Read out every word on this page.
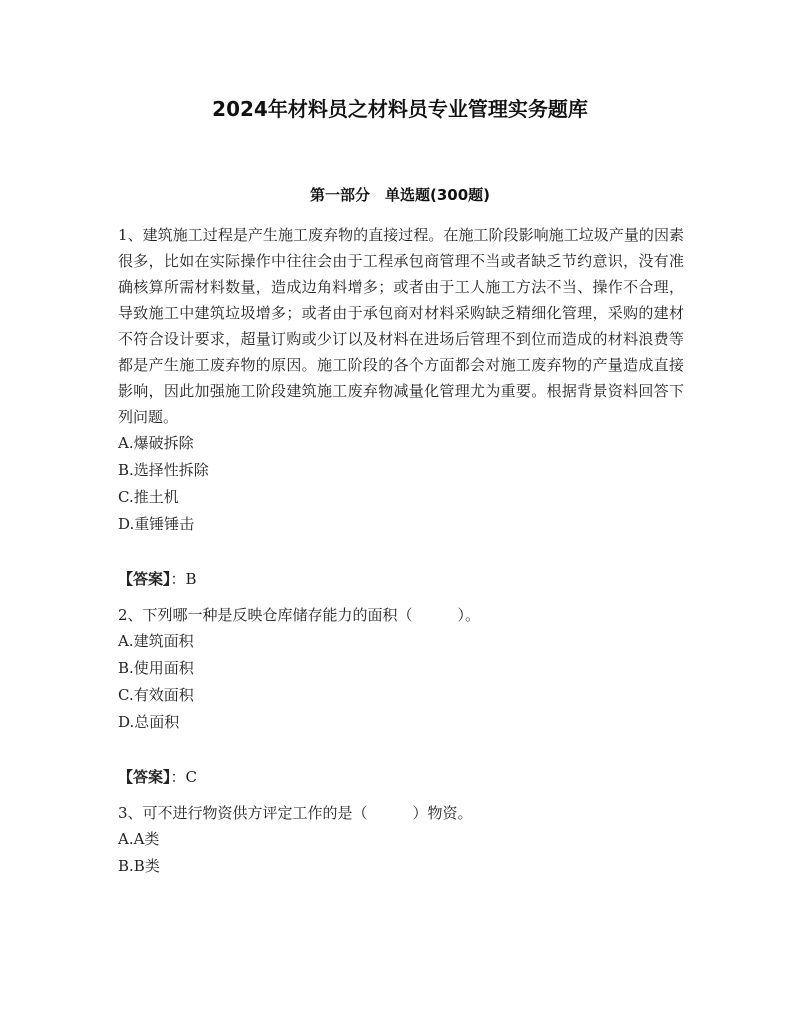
2024年材料员之材料员专业管理实务题库
第一部分　单选题(300题)

1、建筑施工过程是产生施工废弃物的直接过程。在施工阶段影响施工垃圾产量的因素很多，比如在实际操作中往往会由于工程承包商管理不当或者缺乏节约意识，没有准确核算所需材料数量，造成边角料增多；或者由于工人施工方法不当、操作不合理，导致施工中建筑垃圾增多；或者由于承包商对材料采购缺乏精细化管理，采购的建材不符合设计要求，超量订购或少订以及材料在进场后管理不到位而造成的材料浪费等都是产生施工废弃物的原因。施工阶段的各个方面都会对施工废弃物的产量造成直接影响，因此加强施工阶段建筑施工废弃物减量化管理尤为重要。根据背景资料回答下列问题。

A.爆破拆除
B.选择性拆除
C.推土机
D.重锤锤击

【答案】：B

2、下列哪一种是反映仓库储存能力的面积（　　　）。

A.建筑面积
B.使用面积
C.有效面积
D.总面积

【答案】：C

3、可不进行物资供方评定工作的是（　　　）物资。

A.A类
B.B类
